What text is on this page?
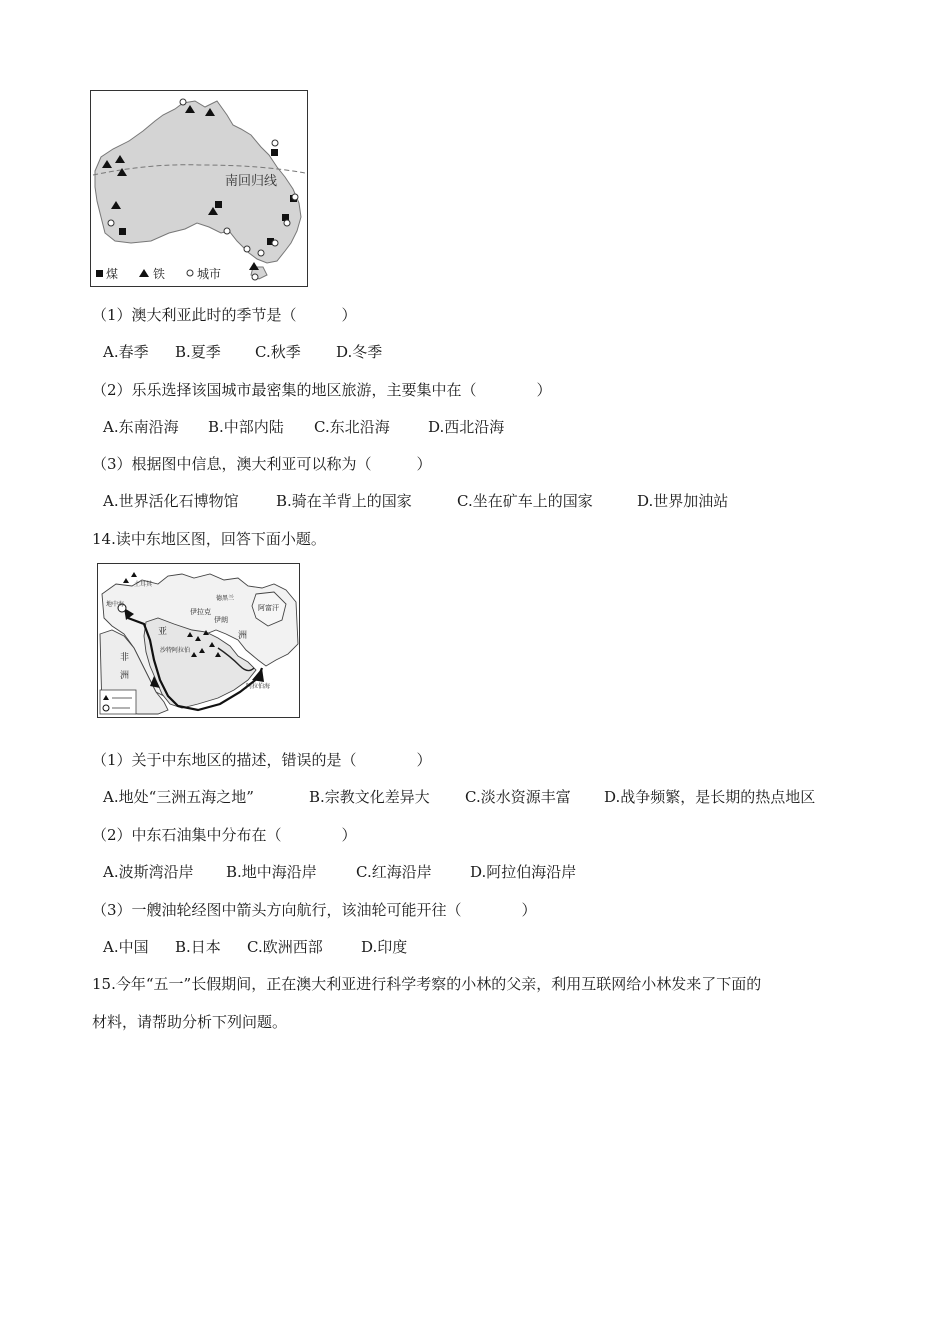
南回归线
煤	铁	城市
（1）澳大利亚此时的季节是（　　　）
A.春季 B.夏季 C.秋季 D.冬季
（2）乐乐选择该国城市最密集的地区旅游，主要集中在（　　　　）
A.东南沿海 B.中部内陆 C.东北沿海	D.西北沿海
（3）根据图中信息，澳大利亚可以称为（　　　）
A.世界活化石博物馆 B.骑在羊背上的国家	C.坐在矿车上的国家	D.世界加油站
14.读中东地区图，回答下面小题。
亚	洲
非
洲
伊朗
伊拉克	阿富汗
沙特阿拉伯
德黑兰
阿拉伯海
地中海
土耳其
（1）关于中东地区的描述，错误的是（　　　　）
A.地处“三洲五海之地”	B.宗教文化差异大 C.淡水资源丰富 D.战争频繁，是长期的热点地区
（2）中东石油集中分布在（　　　　）
A.波斯湾沿岸 B.地中海沿岸	C.红海沿岸	D.阿拉伯海沿岸
（3）一艘油轮经图中箭头方向航行，该油轮可能开往（　　　　）
A.中国 B.日本 C.欧洲西部	D.印度
15.今年“五一”长假期间，正在澳大利亚进行科学考察的小林的父亲，利用互联网给小林发来了下面的
材料，请帮助分析下列问题。
